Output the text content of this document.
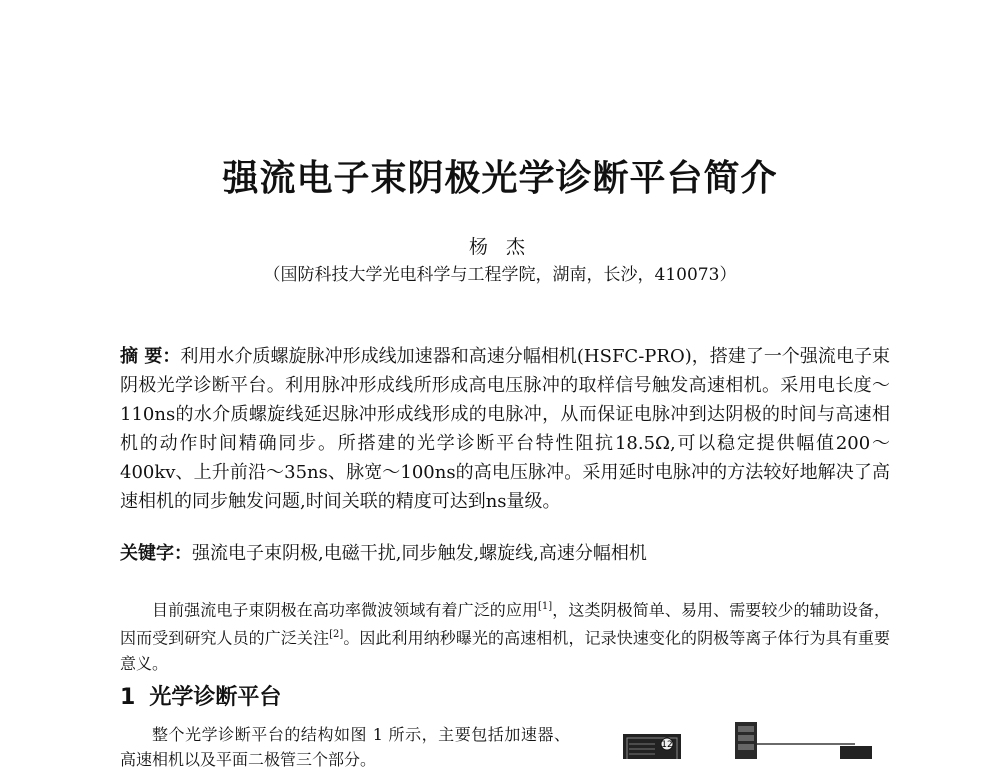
强流电子束阴极光学诊断平台简介
杨 杰
（国防科技大学光电科学与工程学院，湖南，长沙，410073）
摘 要：利用水介质螺旋脉冲形成线加速器和高速分幅相机(HSFC-PRO)，搭建了一个强流电子束阴极光学诊断平台。利用脉冲形成线所形成高电压脉冲的取样信号触发高速相机。采用电长度～110ns的水介质螺旋线延迟脉冲形成线形成的电脉冲，从而保证电脉冲到达阴极的时间与高速相机的动作时间精确同步。所搭建的光学诊断平台特性阻抗18.5Ω,可以稳定提供幅值200～400kv、上升前沿～35ns、脉宽～100ns的高电压脉冲。采用延时电脉冲的方法较好地解决了高速相机的同步触发问题,时间关联的精度可达到ns量级。
关键字：强流电子束阴极,电磁干扰,同步触发,螺旋线,高速分幅相机
目前强流电子束阴极在高功率微波领域有着广泛的应用[1]，这类阴极简单、易用、需要较少的辅助设备，因而受到研究人员的广泛关注[2]。因此利用纳秒曝光的高速相机，记录快速变化的阴极等离子体行为具有重要意义。
1 光学诊断平台
整个光学诊断平台的结构如图 1 所示，主要包括加速器、高速相机以及平面二极管三个部分。
12
